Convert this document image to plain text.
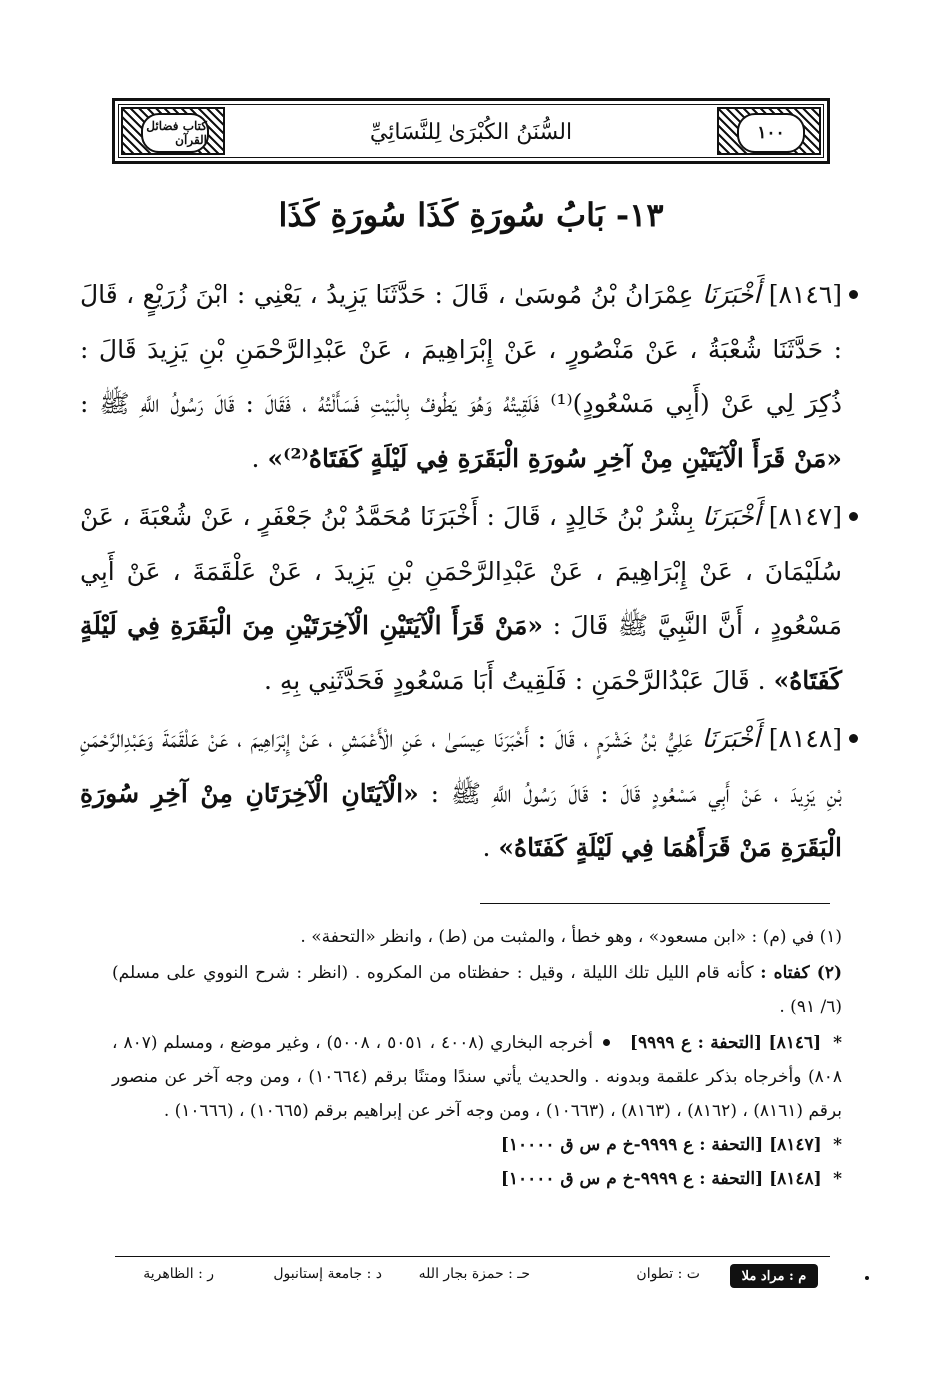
١٠٠
السُّنَنُ الكُبْرَىٰ لِلنَّسَائِيِّ
كتاب فضائل القرآن
١٣- بَابُ سُورَةِ كَذَا سُورَةِ كَذَا

[٨١٤٦] أَخْبَرَنَا عِمْرَانُ بْنُ مُوسَىٰ ، قَالَ : حَدَّثَنَا يَزِيدُ ، يَعْنِي : ابْنَ زُرَيْعٍ ، قَالَ : حَدَّثَنَا شُعْبَةُ ، عَنْ مَنْصُورٍ ، عَنْ إِبْرَاهِيمَ ، عَنْ عَبْدِالرَّحْمَنِ بْنِ يَزِيدَ قَالَ : ذُكِرَ لِي عَنْ (أَبِي مَسْعُودٍ)⁽¹⁾ فَلَقِيتُهُ وَهُوَ يَطُوفُ بِالْبَيْتِ فَسَأَلْتُهُ ، فَقَالَ : قَالَ رَسُولُ اللَّهِ ﷺ : «مَنْ قَرَأَ الْآيَتَيْنِ مِنْ آخِرِ سُورَةِ الْبَقَرَةِ فِي لَيْلَةٍ كَفَتَاهُ⁽²⁾» .

[٨١٤٧] أَخْبَرَنَا بِشْرُ بْنُ خَالِدٍ ، قَالَ : أَخْبَرَنَا مُحَمَّدُ بْنُ جَعْفَرٍ ، عَنْ شُعْبَةَ ، عَنْ سُلَيْمَانَ ، عَنْ إِبْرَاهِيمَ ، عَنْ عَبْدِالرَّحْمَنِ بْنِ يَزِيدَ ، عَنْ عَلْقَمَةَ ، عَنْ أَبِي مَسْعُودٍ ، أَنَّ النَّبِيَّ ﷺ قَالَ : «مَنْ قَرَأَ الْآيَتَيْنِ الْآخِرَتَيْنِ مِنَ الْبَقَرَةِ فِي لَيْلَةٍ كَفَتَاهُ» . قَالَ عَبْدُالرَّحْمَنِ : فَلَقِيتُ أَبَا مَسْعُودٍ فَحَدَّثَنِي بِهِ .

[٨١٤٨] أَخْبَرَنَا عَلِيُّ بْنُ خَشْرَمٍ ، قَالَ : أَخْبَرَنَا عِيسَىٰ ، عَنِ الْأَعْمَشِ ، عَنْ إِبْرَاهِيمَ ، عَنْ عَلْقَمَةَ وَعَبْدِالرَّحْمَنِ بْنِ يَزِيدَ ، عَنْ أَبِي مَسْعُودٍ قَالَ : قَالَ رَسُولُ اللَّهِ ﷺ : «الْآيَتَانِ الْآخِرَتَانِ مِنْ آخِرِ سُورَةِ الْبَقَرَةِ مَنْ قَرَأَهُمَا فِي لَيْلَةٍ كَفَتَاهُ» .

(١) في (م) : «ابن مسعود» ، وهو خطأ ، والمثبت من (ط) ، وانظر «التحفة» .

(٢) كفتاه : كأنه قام الليل تلك الليلة ، وقيل : حفظتاه من المكروه . (انظر : شرح النووي على مسلم) (٦/ ٩١) .

* [٨١٤٦] [التحفة : ع ٩٩٩٩]  أخرجه البخاري (٤٠٠٨ ، ٥٠٥١ ، ٥٠٠٨) ، وغير موضع ، ومسلم (٨٠٧ ، ٨٠٨) وأخرجاه بذكر علقمة وبدونه . والحديث يأتي سندًا ومتنًا برقم (١٠٦٦٤) ، ومن وجه آخر عن منصور برقم (٨١٦١) ، (٨١٦٢) ، (٨١٦٣) ، (١٠٦٦٣) ، ومن وجه آخر عن إبراهيم برقم (١٠٦٦٥) ، (١٠٦٦٦) .

* [٨١٤٧] [التحفة : ع ٩٩٩٩-خ م س ق ١٠٠٠٠]

* [٨١٤٨] [التحفة : ع ٩٩٩٩-خ م س ق ١٠٠٠٠]

م : مراد ملا
ت : تطوان
حـ : حمزة بجار الله
د : جامعة إستانبول
ر : الظاهرية
